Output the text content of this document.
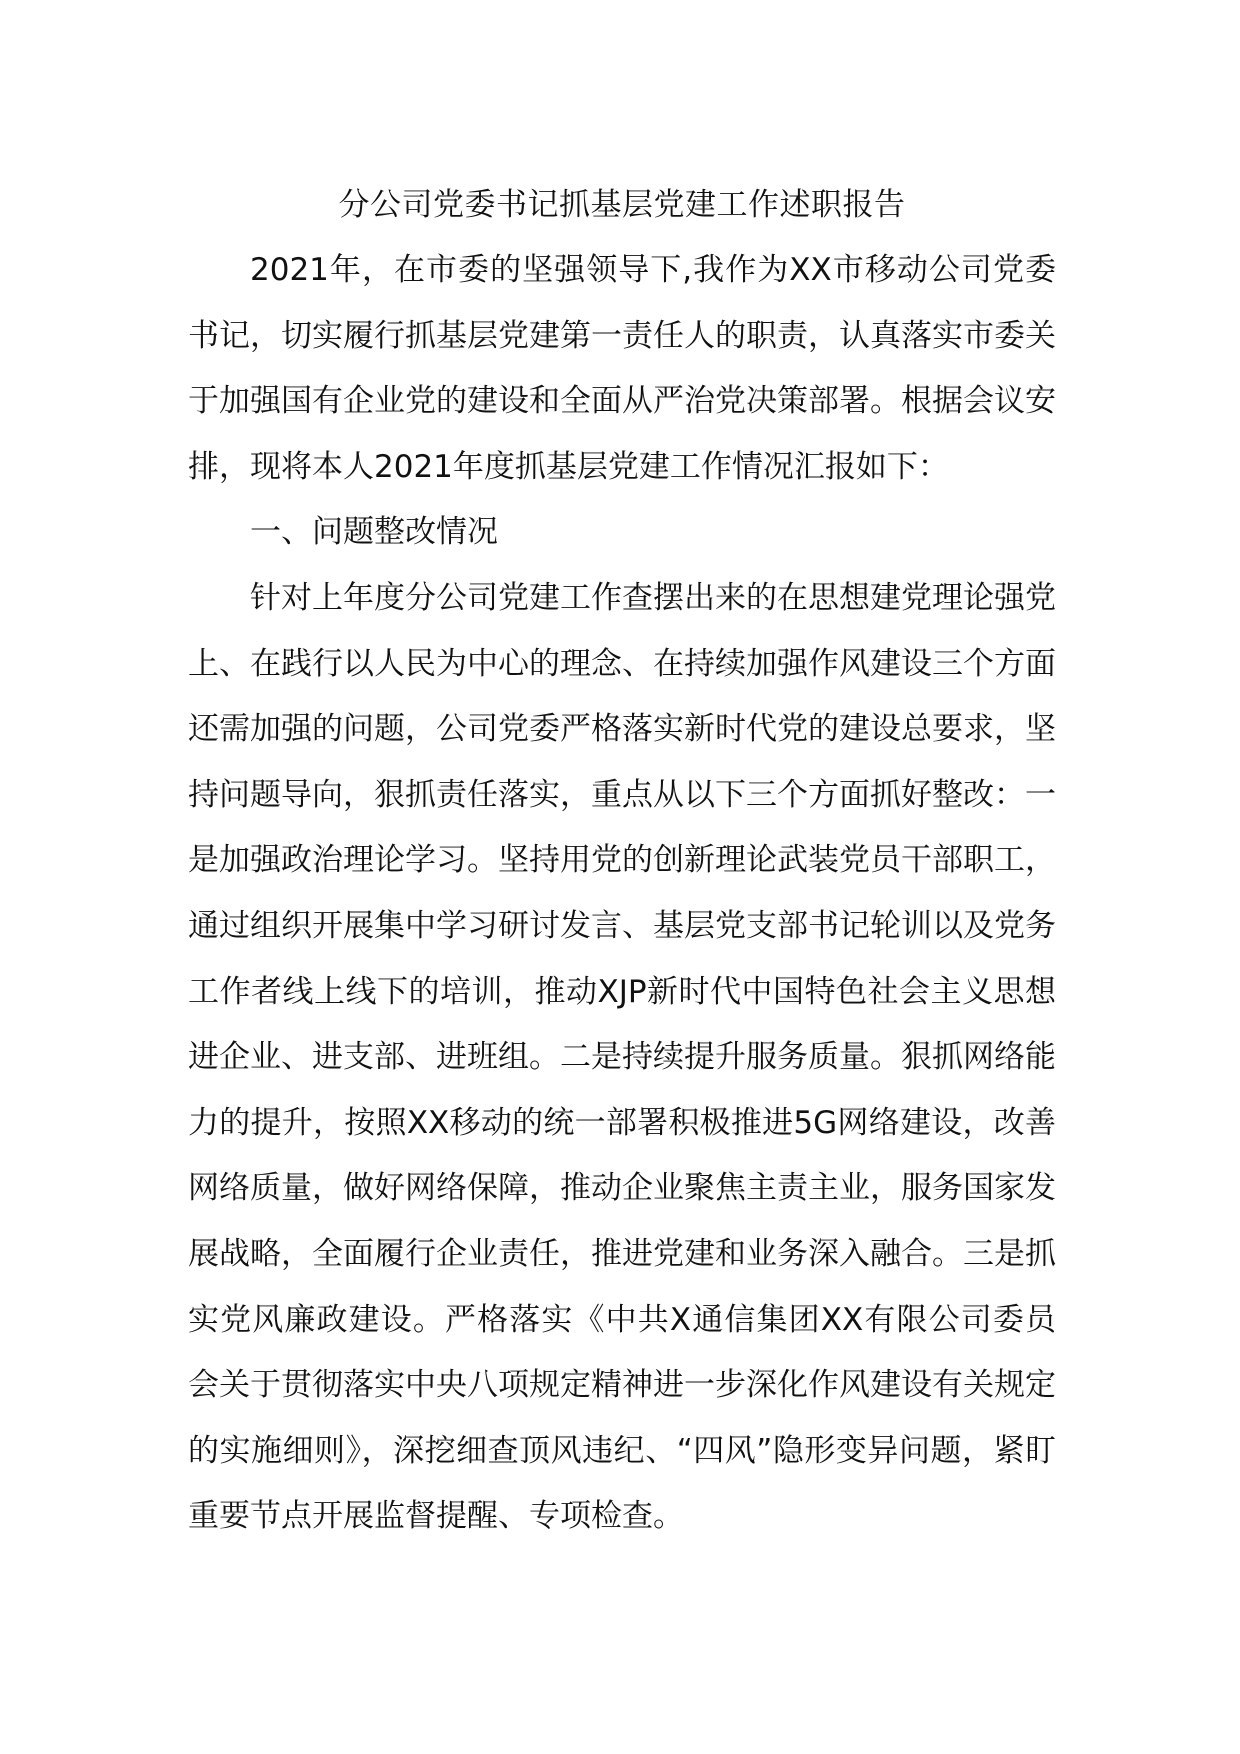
分公司党委书记抓基层党建工作述职报告

2021年，在市委的坚强领导下,我作为XX市移动公司党委书记，切实履行抓基层党建第一责任人的职责，认真落实市委关于加强国有企业党的建设和全面从严治党决策部署。根据会议安排，现将本人2021年度抓基层党建工作情况汇报如下：

一、问题整改情况

针对上年度分公司党建工作查摆出来的在思想建党理论强党上、在践行以人民为中心的理念、在持续加强作风建设三个方面还需加强的问题，公司党委严格落实新时代党的建设总要求，坚持问题导向，狠抓责任落实，重点从以下三个方面抓好整改：一是加强政治理论学习。坚持用党的创新理论武装党员干部职工，通过组织开展集中学习研讨发言、基层党支部书记轮训以及党务工作者线上线下的培训，推动XJP新时代中国特色社会主义思想进企业、进支部、进班组。二是持续提升服务质量。狠抓网络能力的提升，按照XX移动的统一部署积极推进5G网络建设，改善网络质量，做好网络保障，推动企业聚焦主责主业，服务国家发展战略，全面履行企业责任，推进党建和业务深入融合。三是抓实党风廉政建设。严格落实《中共X通信集团XX有限公司委员会关于贯彻落实中央八项规定精神进一步深化作风建设有关规定的实施细则》，深挖细查顶风违纪、“四风”隐形变异问题，紧盯重要节点开展监督提醒、专项检查。
